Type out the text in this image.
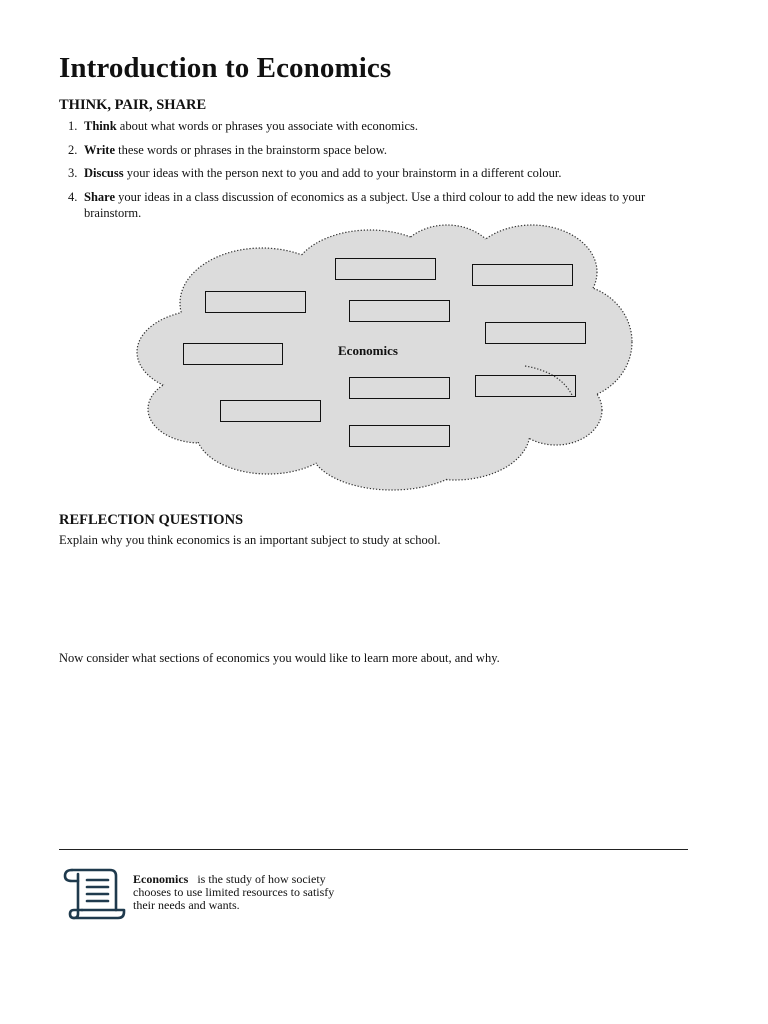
Introduction to Economics
THINK, PAIR, SHARE
1. Think about what words or phrases you associate with economics.
2. Write these words or phrases in the brainstorm space below.
3. Discuss your ideas with the person next to you and add to your brainstorm in a different colour.
4. Share your ideas in a class discussion of economics as a subject. Use a third colour to add the new ideas to your brainstorm.
Economics
REFLECTION QUESTIONS

Explain why you think economics is an important subject to study at school.

Now consider what sections of economics you would like to learn more about, and why.

Economics is the study of how society chooses to use limited resources to satisfy their needs and wants.
